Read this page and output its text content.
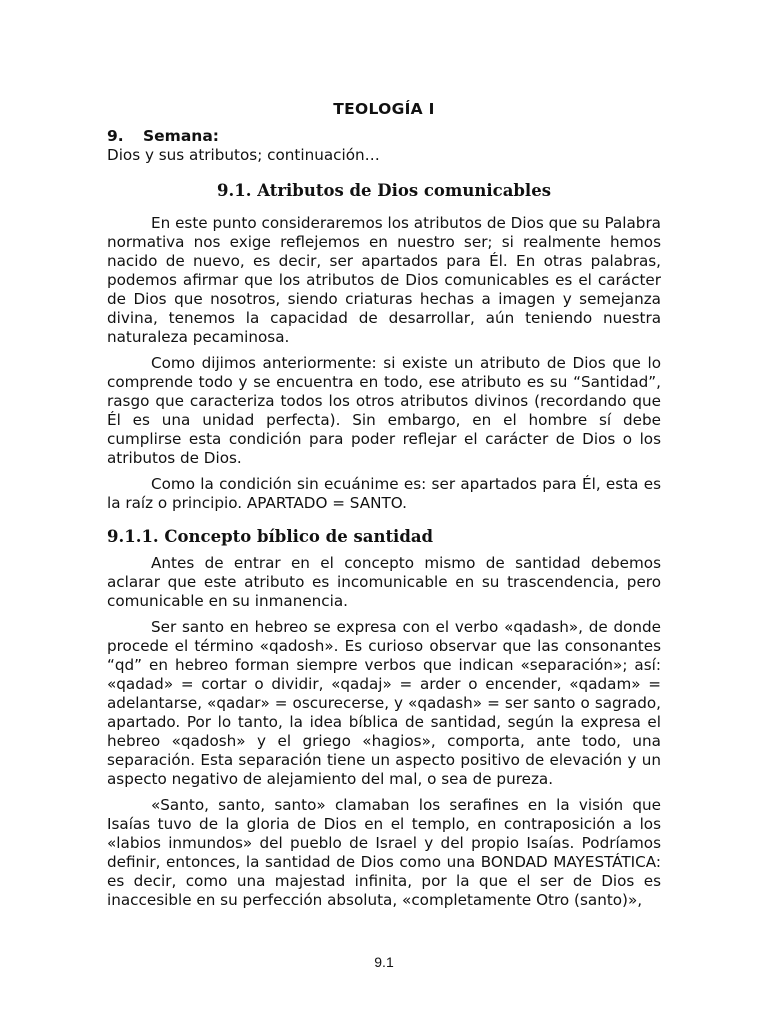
TEOLOGÍA I
9. Semana:
Dios y sus atributos; continuación…
9.1. Atributos de Dios comunicables

En este punto consideraremos los atributos de Dios que su Palabra normativa nos exige reflejemos en nuestro ser; si realmente hemos nacido de nuevo, es decir, ser apartados para Él. En otras palabras, podemos afirmar que los atributos de Dios comunicables es el carácter de Dios que nosotros, siendo criaturas hechas a imagen y semejanza divina, tenemos la capacidad de desarrollar, aún teniendo nuestra naturaleza pecaminosa.

Como dijimos anteriormente: si existe un atributo de Dios que lo comprende todo y se encuentra en todo, ese atributo es su “Santidad”, rasgo que caracteriza todos los otros atributos divinos (recordando que Él es una unidad perfecta). Sin embargo, en el hombre sí debe cumplirse esta condición para poder reflejar el carácter de Dios o los atributos de Dios.

Como la condición sin ecuánime es: ser apartados para Él, esta es la raíz o principio. APARTADO = SANTO.

9.1.1. Concepto bíblico de santidad

Antes de entrar en el concepto mismo de santidad debemos aclarar que este atributo es incomunicable en su trascendencia, pero comunicable en su inmanencia.

Ser santo en hebreo se expresa con el verbo «qadash», de donde procede el término «qadosh». Es curioso observar que las consonantes “qd” en hebreo forman siempre verbos que indican «separación»; así: «qadad» = cortar o dividir, «qadaj» = arder o encender, «qadam» = adelantarse, «qadar» = oscurecerse, y «qadash» = ser santo o sagrado, apartado. Por lo tanto, la idea bíblica de santidad, según la expresa el hebreo «qadosh» y el griego «hagios», comporta, ante todo, una separación. Esta separación tiene un aspecto positivo de elevación y un aspecto negativo de alejamiento del mal, o sea de pureza.

«Santo, santo, santo» clamaban los serafines en la visión que Isaías tuvo de la gloria de Dios en el templo, en contraposición a los «labios inmundos» del pueblo de Israel y del propio Isaías. Podríamos definir, entonces, la santidad de Dios como una BONDAD MAYESTÁTICA: es decir, como una majestad infinita, por la que el ser de Dios es inaccesible en su perfección absoluta, «completamente Otro (santo)»,

9.1
